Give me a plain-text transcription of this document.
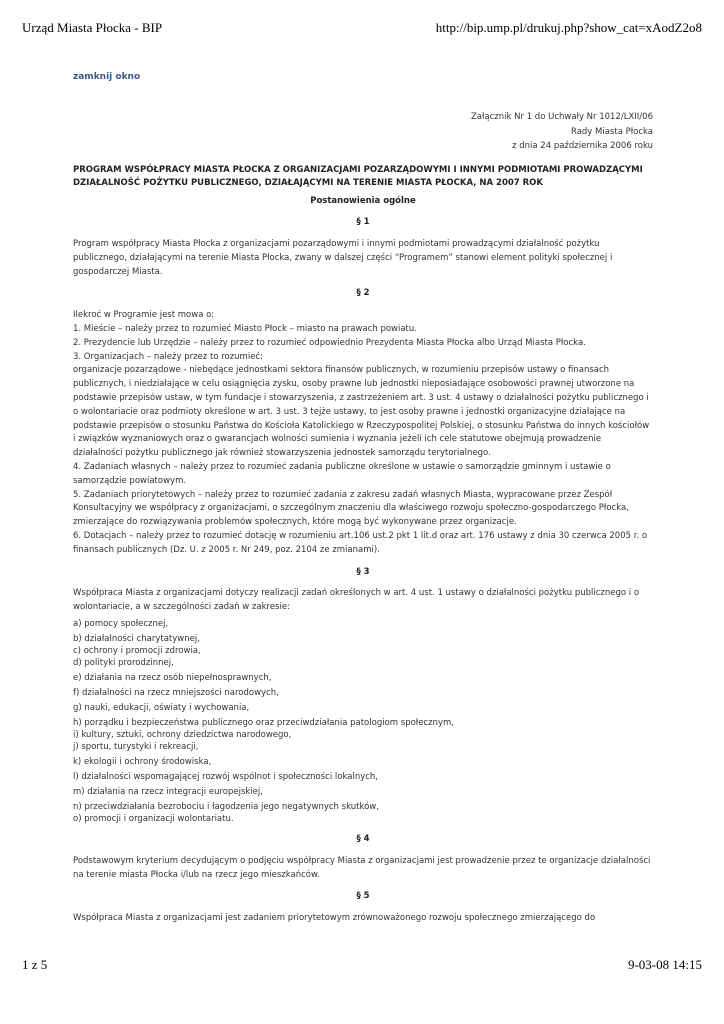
Urząd Miasta Płocka - BIP	http://bip.ump.pl/drukuj.php?show_cat=xAodZ2o8
zamknij okno
Załącznik Nr 1 do Uchwały Nr 1012/LXII/06
Rady Miasta Płocka
z dnia 24 października 2006 roku
PROGRAM WSPÓŁPRACY MIASTA PŁOCKA Z ORGANIZACJAMI POZARZĄDOWYMI I INNYMI PODMIOTAMI PROWADZĄCYMI DZIAŁALNOŚĆ POŻYTKU PUBLICZNEGO, DZIAŁAJĄCYMI NA TERENIE MIASTA PŁOCKA, NA 2007 ROK
Postanowienia ogólne
§ 1

Program współpracy Miasta Płocka z organizacjami pozarządowymi i innymi podmiotami prowadzącymi działalność pożytku publicznego, działającymi na terenie Miasta Płocka, zwany w dalszej części “Programem” stanowi element polityki społecznej i gospodarczej Miasta.

§ 2
Ilekroć w Programie jest mowa o:
1. Mieście – należy przez to rozumieć Miasto Płock – miasto na prawach powiatu.
2. Prezydencie lub Urzędzie – należy przez to rozumieć odpowiednio Prezydenta Miasta Płocka albo Urząd Miasta Płocka.
3. Organizacjach – należy przez to rozumieć:
organizacje pozarządowe - niebędące jednostkami sektora finansów publicznych, w rozumieniu przepisów ustawy o finansach publicznych, i niedziałające w celu osiągnięcia zysku, osoby prawne lub jednostki nieposiadające osobowości prawnej utworzone na podstawie przepisów ustaw, w tym fundacje i stowarzyszenia, z zastrzeżeniem art. 3 ust. 4 ustawy o działalności pożytku publicznego i o wolontariacie oraz podmioty określone w art. 3 ust. 3 tejże ustawy, to jest osoby prawne i jednostki organizacyjne działające na podstawie przepisów o stosunku Państwa do Kościoła Katolickiego w Rzeczypospolitej Polskiej, o stosunku Państwa do innych kościołów i związków wyznaniowych oraz o gwarancjach wolności sumienia i wyznania jeżeli ich cele statutowe obejmują prowadzenie działalności pożytku publicznego jak również stowarzyszenia jednostek samorządu terytorialnego.
4. Zadaniach własnych – należy przez to rozumieć zadania publiczne określone w ustawie o samorządzie gminnym i ustawie o samorządzie powiatowym.
5. Zadaniach priorytetowych – należy przez to rozumieć zadania z zakresu zadań własnych Miasta, wypracowane przez Zespół Konsultacyjny we współpracy z organizacjami, o szczególnym znaczeniu dla właściwego rozwoju społeczno-gospodarczego Płocka, zmierzające do rozwiązywania problemów społecznych, które mogą być wykonywane przez organizacje.
6. Dotacjach – należy przez to rozumieć dotację w rozumieniu art.106 ust.2 pkt 1 lit.d oraz art. 176 ustawy z dnia 30 czerwca 2005 r. o finansach publicznych (Dz. U. z 2005 r. Nr 249, poz. 2104 ze zmianami).
§ 3

Współpraca Miasta z organizacjami dotyczy realizacji zadań określonych w art. 4 ust. 1 ustawy o działalności pożytku publicznego i o wolontariacie, a w szczególności zadań w zakresie:

a) pomocy społecznej,
b) działalności charytatywnej,
c) ochrony i promocji zdrowia,
d) polityki prorodzinnej,
e) działania na rzecz osób niepełnosprawnych,
f) działalności na rzecz mniejszości narodowych,
g) nauki, edukacji, oświaty i wychowania,
h) porządku i bezpieczeństwa publicznego oraz przeciwdziałania patologiom społecznym,
i) kultury, sztuki, ochrony dziedzictwa narodowego,
j) sportu, turystyki i rekreacji,
k) ekologii i ochrony środowiska,
l) działalności wspomagającej rozwój wspólnot i społeczności lokalnych,
m) działania na rzecz integracji europejskiej,
n) przeciwdziałania bezrobociu i łagodzenia jego negatywnych skutków,
o) promocji i organizacji wolontariatu.
§ 4

Podstawowym kryterium decydującym o podjęciu współpracy Miasta z organizacjami jest prowadzenie przez te organizacje działalności na terenie miasta Płocka i/lub na rzecz jego mieszkańców.

§ 5

Współpraca Miasta z organizacjami jest zadaniem priorytetowym zrównoważonego rozwoju społecznego zmierzającego do

1 z 5	9-03-08 14:15
